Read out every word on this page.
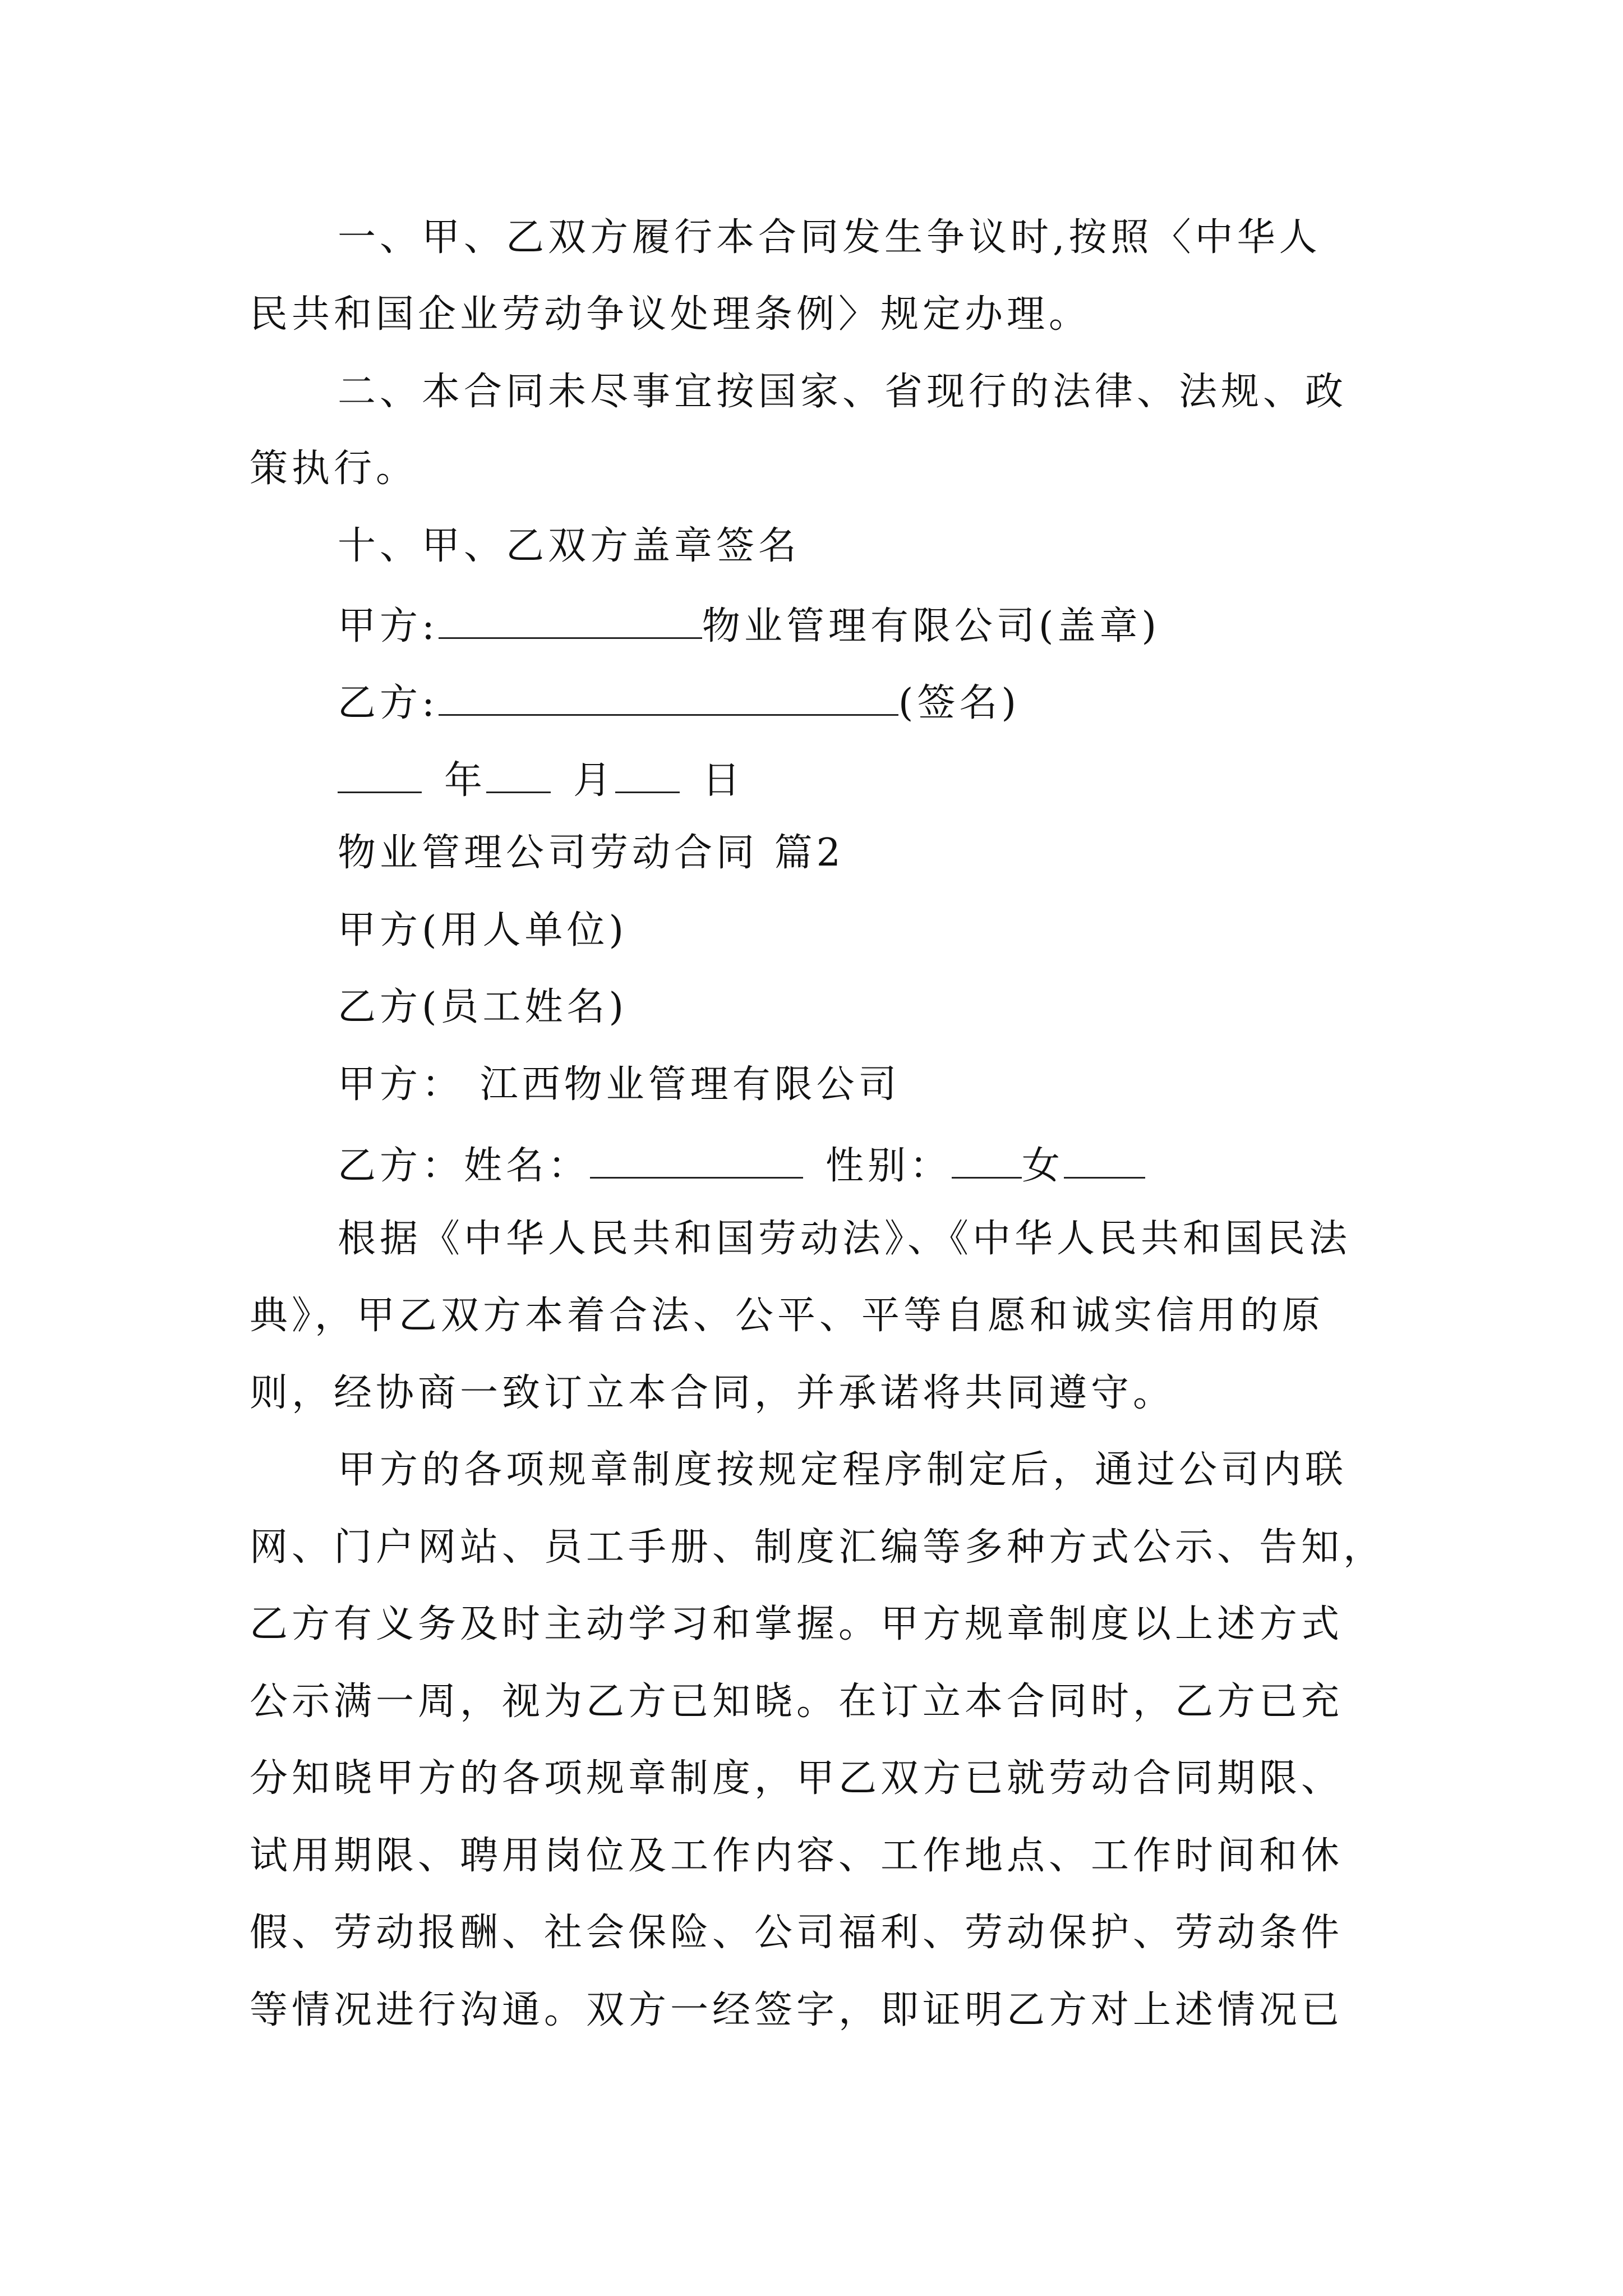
一、甲、乙双方履行本合同发生争议时,按照〈中华人
民共和国企业劳动争议处理条例〉规定办理。
二、本合同未尽事宜按国家、省现行的法律、法规、政
策执行。
十、甲、乙双方盖章签名
甲方:	物业管理有限公司(盖章)
乙方:	(签名)
年 月 日
物业管理公司劳动合同 篇2
甲方(用人单位)
乙方(员工姓名)
甲方： 江西物业管理有限公司
乙方：姓名：	性别： 女
根据《中华人民共和国劳动法》、《中华人民共和国民法
典》，甲乙双方本着合法、公平、平等自愿和诚实信用的原
则，经协商一致订立本合同，并承诺将共同遵守。
甲方的各项规章制度按规定程序制定后，通过公司内联
网、门户网站、员工手册、制度汇编等多种方式公示、告知，
乙方有义务及时主动学习和掌握。甲方规章制度以上述方式
公示满一周，视为乙方已知晓。在订立本合同时，乙方已充
分知晓甲方的各项规章制度，甲乙双方已就劳动合同期限、
试用期限、聘用岗位及工作内容、工作地点、工作时间和休
假、劳动报酬、社会保险、公司福利、劳动保护、劳动条件
等情况进行沟通。双方一经签字，即证明乙方对上述情况已
